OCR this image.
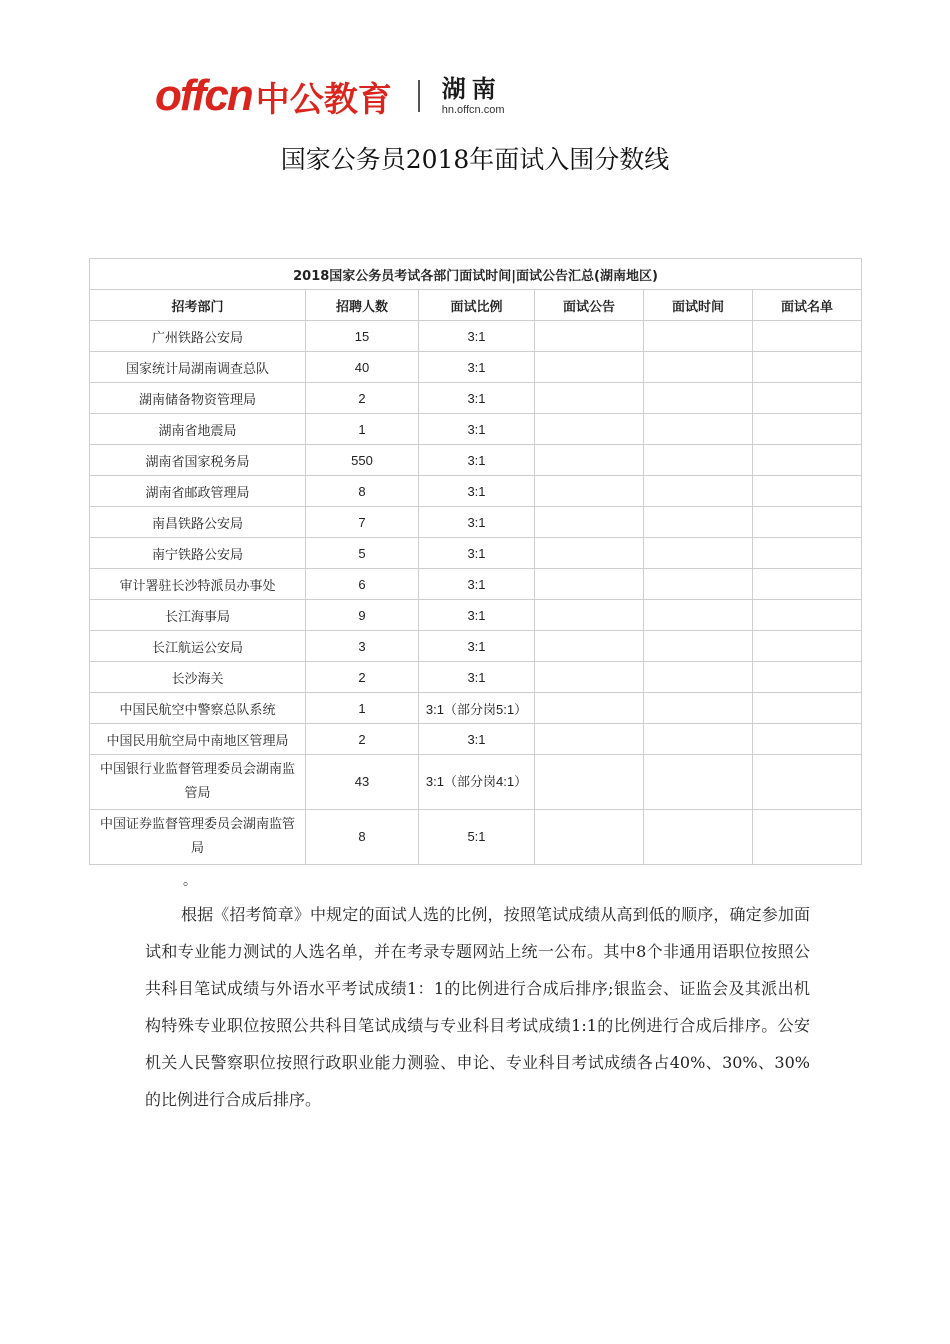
offcn 中公教育 湖南
hn.offcn.com
国家公务员2018年面试入围分数线
2018国家公务员考试各部门面试时间|面试公告汇总(湖南地区)					
招考部门	招聘人数	面试比例	面试公告	面试时间	面试名单
广州铁路公安局	15	3:1			
国家统计局湖南调查总队	40	3:1			
湖南储备物资管理局	2	3:1			
湖南省地震局	1	3:1			
湖南省国家税务局	550	3:1			
湖南省邮政管理局	8	3:1			
南昌铁路公安局	7	3:1			
南宁铁路公安局	5	3:1			
审计署驻长沙特派员办事处	6	3:1			
长江海事局	9	3:1			
长江航运公安局	3	3:1			
长沙海关	2	3:1			
中国民航空中警察总队系统	1	3:1（部分岗5:1）			
中国民用航空局中南地区管理局	2	3:1			
中国银行业监督管理委员会湖南监管局	43	3:1（部分岗4:1）			
中国证券监督管理委员会湖南监管局	8	5:1			
。

根据《招考简章》中规定的面试人选的比例，按照笔试成绩从高到低的顺序，确定参加面试和专业能力测试的人选名单，并在考录专题网站上统一公布。其中8个非通用语职位按照公共科目笔试成绩与外语水平考试成绩1：1的比例进行合成后排序;银监会、证监会及其派出机构特殊专业职位按照公共科目笔试成绩与专业科目考试成绩1:1的比例进行合成后排序。公安机关人民警察职位按照行政职业能力测验、申论、专业科目考试成绩各占40%、30%、30%的比例进行合成后排序。
